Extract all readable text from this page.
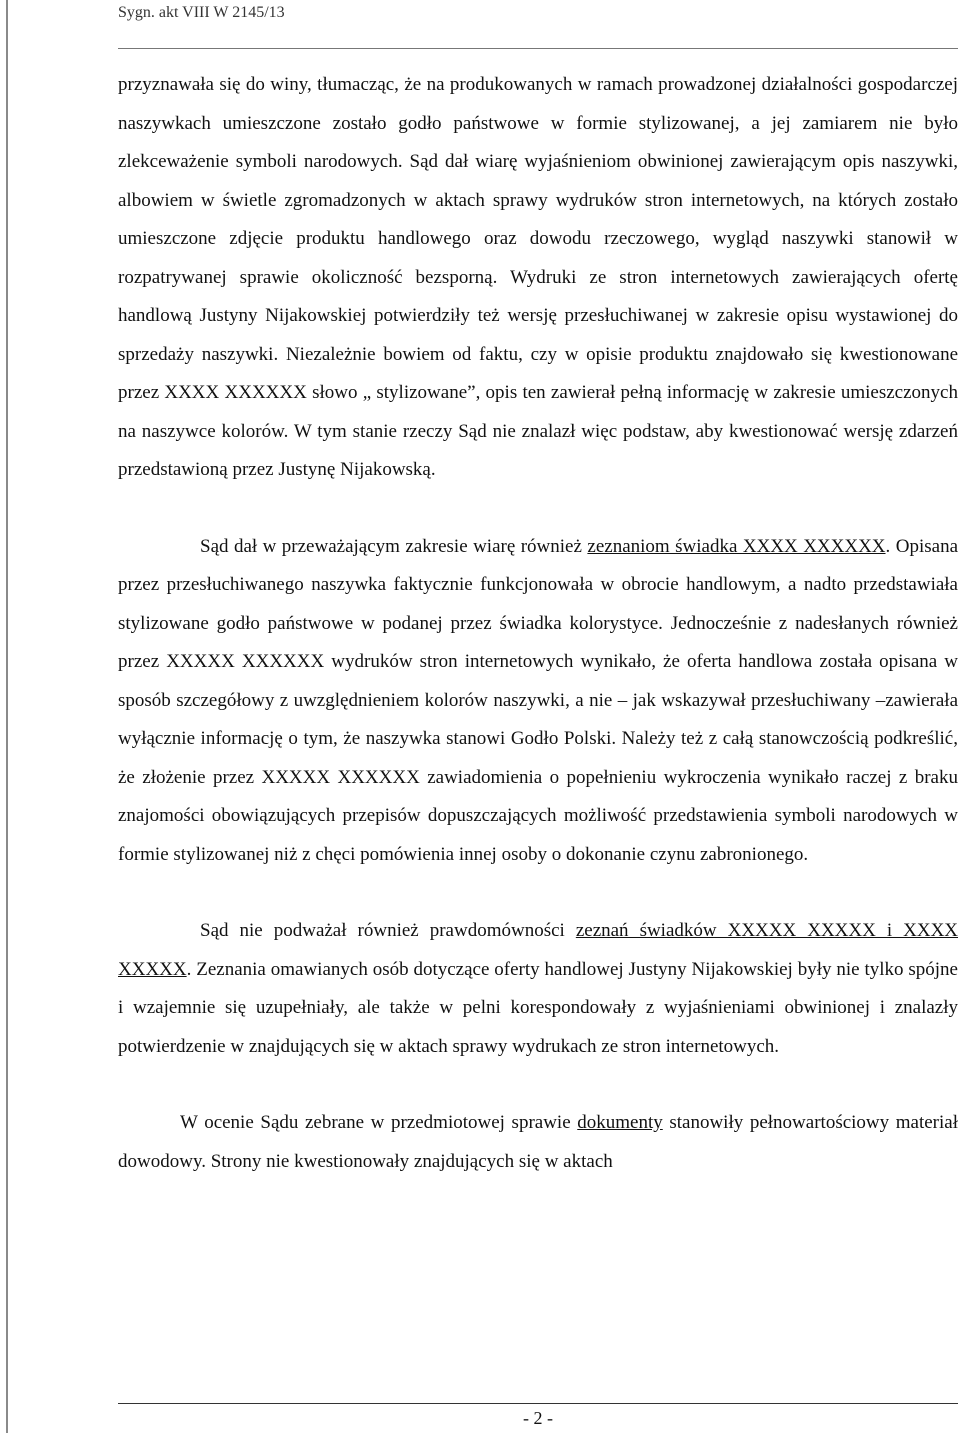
Sygn. akt VIII W 2145/13

przyznawała się do winy, tłumacząc, że na produkowanych w ramach prowadzonej działalności gospodarczej naszywkach umieszczone zostało godło państwowe w formie stylizowanej, a jej zamiarem nie było zlekceważenie symboli narodowych. Sąd dał wiarę wyjaśnieniom obwinionej zawierającym opis naszywki, albowiem w świetle zgromadzonych w aktach sprawy wydruków stron internetowych, na których zostało umieszczone zdjęcie produktu handlowego oraz dowodu rzeczowego, wygląd naszywki stanowił w rozpatrywanej sprawie okoliczność bezsporną. Wydruki ze stron internetowych zawierających ofertę handlową Justyny Nijakowskiej potwierdziły też wersję przesłuchiwanej w zakresie opisu wystawionej do sprzedaży naszywki. Niezależnie bowiem od faktu, czy w opisie produktu znajdowało się kwestionowane przez XXXX XXXXXX słowo „ stylizowane”, opis ten zawierał pełną informację w zakresie umieszczonych na naszywce kolorów. W tym stanie rzeczy Sąd nie znalazł więc podstaw, aby kwestionować wersję zdarzeń przedstawioną przez Justynę Nijakowską.

Sąd dał w przeważającym zakresie wiarę również zeznaniom świadka XXXX XXXXXX. Opisana przez przesłuchiwanego naszywka faktycznie funkcjonowała w obrocie handlowym, a nadto przedstawiała stylizowane godło państwowe w podanej przez świadka kolorystyce. Jednocześnie z nadesłanych również przez XXXXX XXXXXX wydruków stron internetowych wynikało, że oferta handlowa została opisana w sposób szczegółowy z uwzględnieniem kolorów naszywki, a nie – jak wskazywał przesłuchiwany –zawierała wyłącznie informację o tym, że naszywka stanowi Godło Polski. Należy też z całą stanowczością podkreślić, że złożenie przez XXXXX XXXXXX zawiadomienia o popełnieniu wykroczenia wynikało raczej z braku znajomości obowiązujących przepisów dopuszczających możliwość przedstawienia symboli narodowych w formie stylizowanej niż z chęci pomówienia innej osoby o dokonanie czynu zabronionego.

Sąd nie podważał również prawdomówności zeznań świadków XXXXX XXXXX i XXXX XXXXX. Zeznania omawianych osób dotyczące oferty handlowej Justyny Nijakowskiej były nie tylko spójne i wzajemnie się uzupełniały, ale także w pelni korespondowały z wyjaśnieniami obwinionej i znalazły potwierdzenie w znajdujących się w aktach sprawy wydrukach ze stron internetowych.

W ocenie Sądu zebrane w przedmiotowej sprawie dokumenty stanowiły pełnowartościowy materiał dowodowy. Strony nie kwestionowały znajdujących się w aktach

- 2 -
